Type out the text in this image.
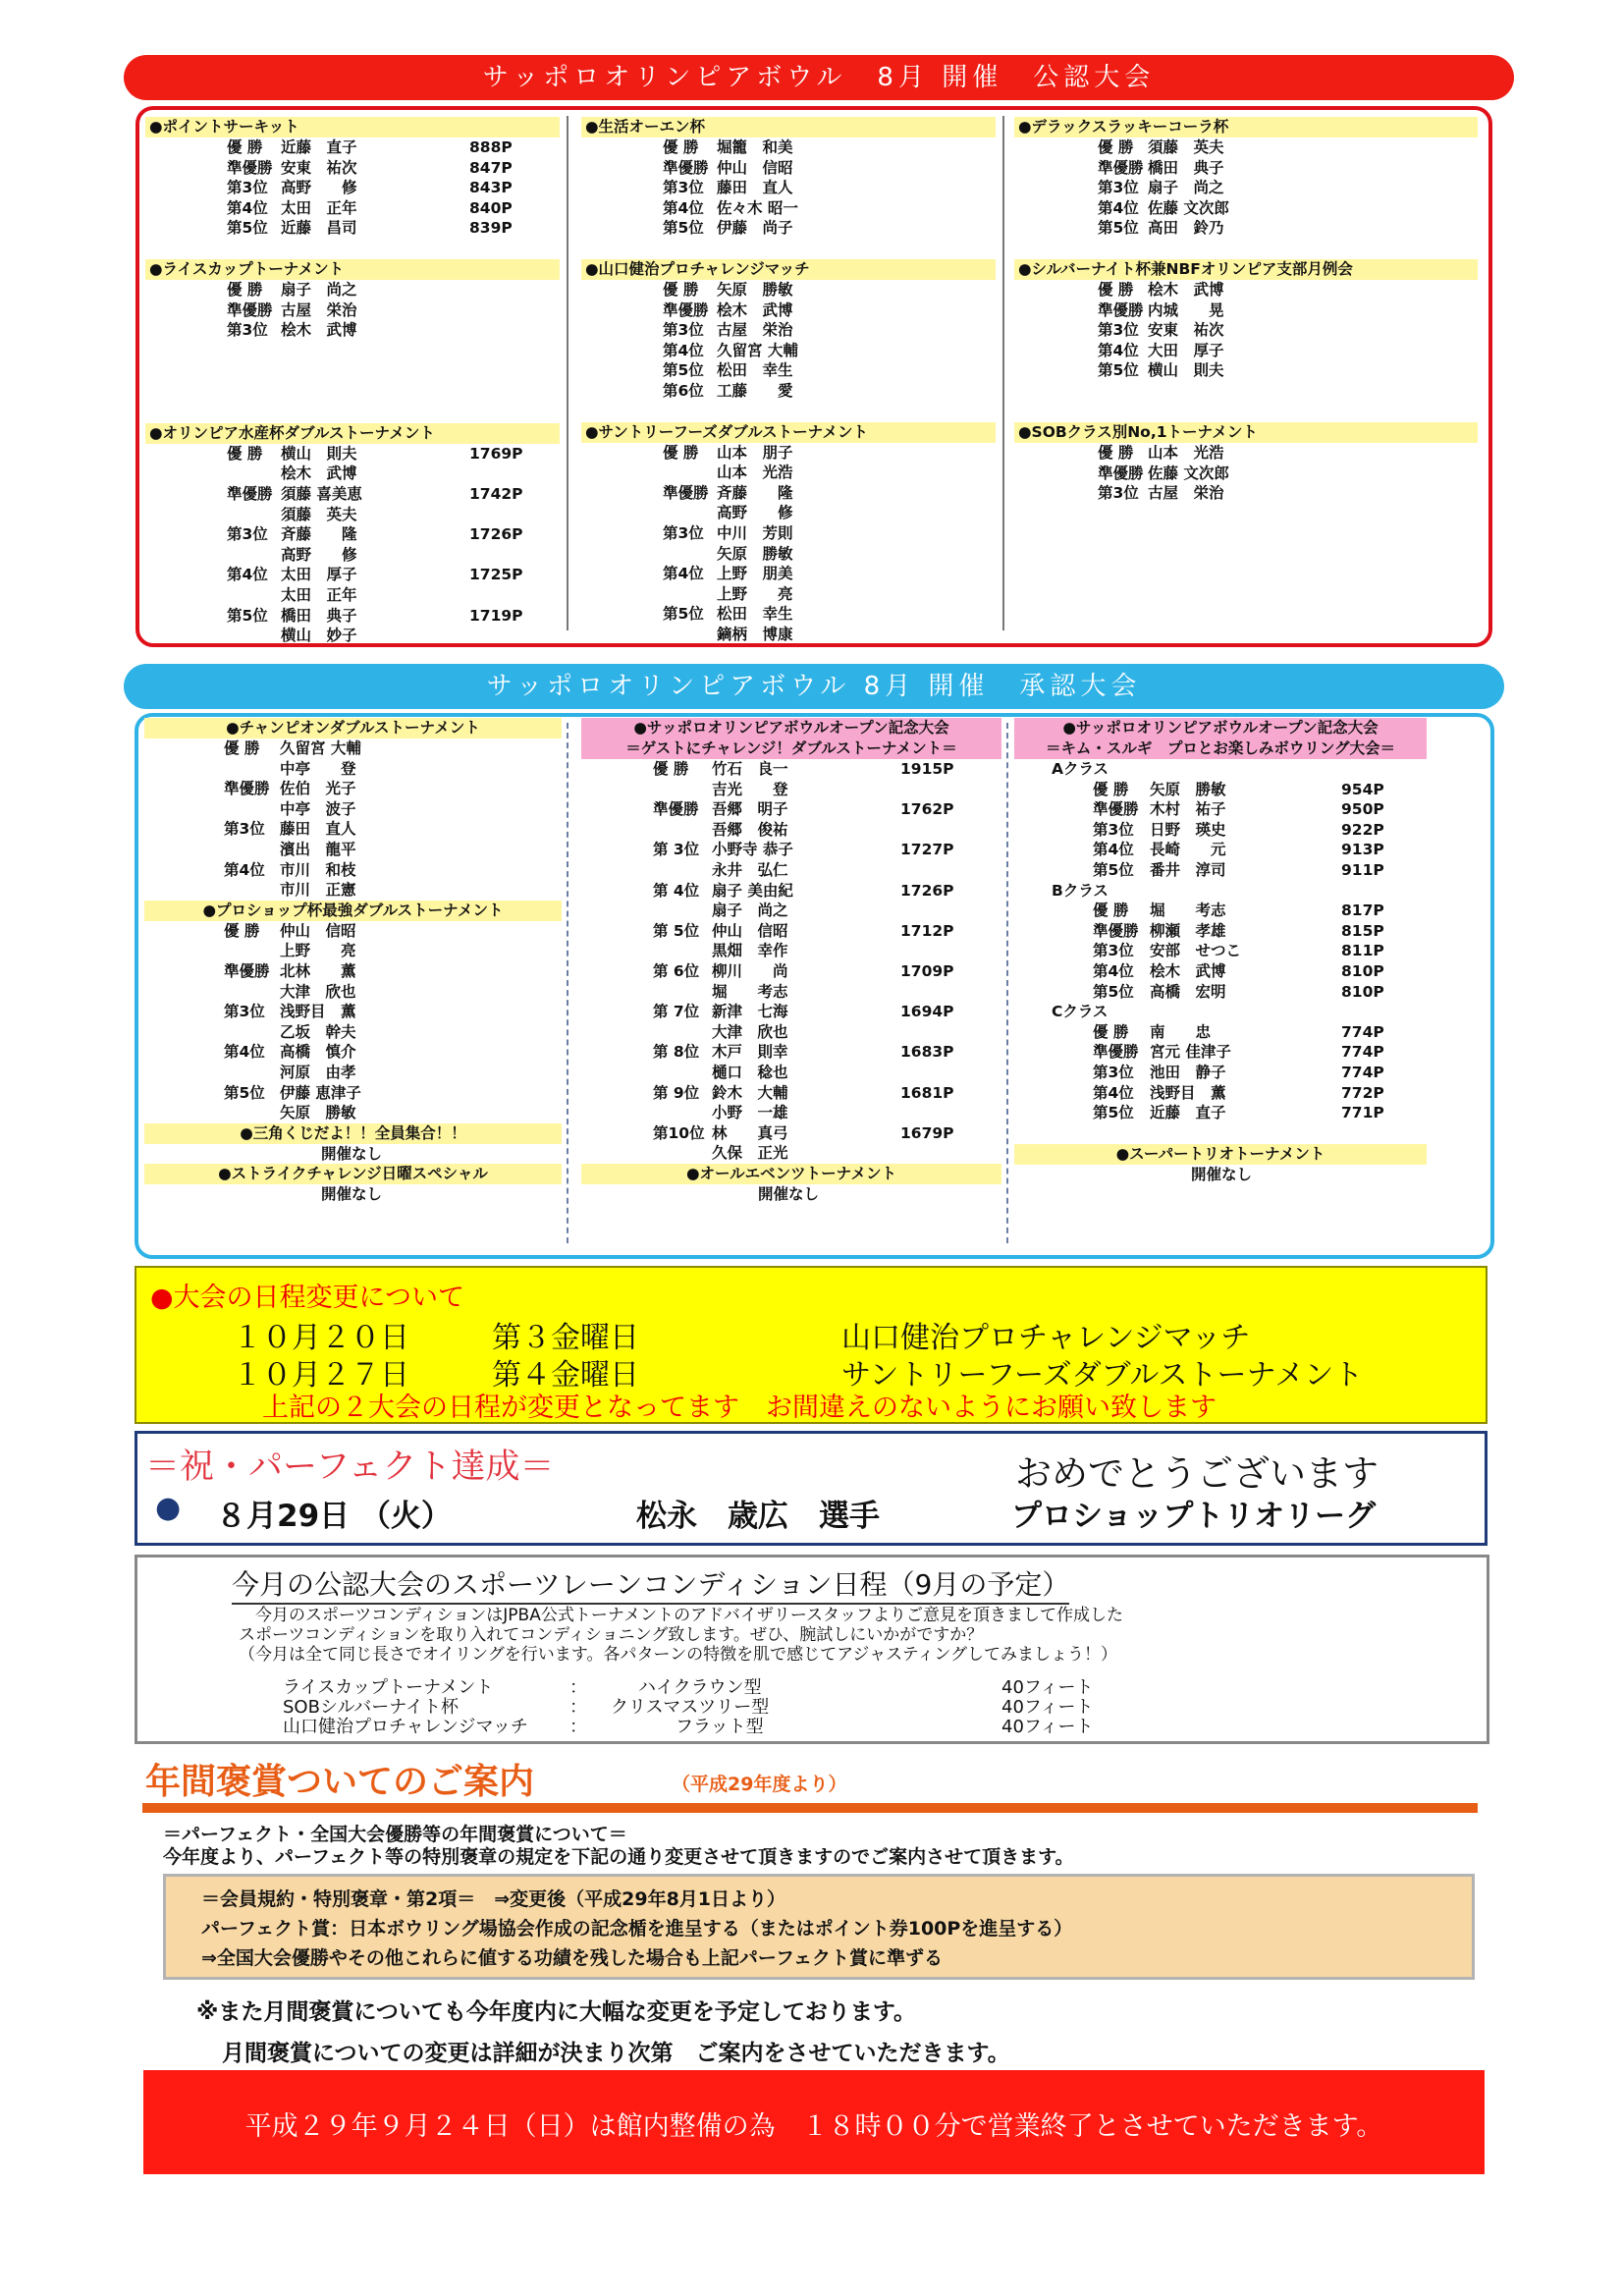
サッポロオリンピアボウル　8月 開催　公認大会
●ポイントサーキット
優 勝 近藤　直子	888P
準優勝 安東　祐次	847P
第3位 高野　　修	843P
第4位 太田　正年	840P
第5位 近藤　昌司	839P
●ライスカップトーナメント
優 勝 扇子　尚之
準優勝 古屋　栄治
第3位 桧木　武博
●オリンピア水産杯ダブルストーナメント
優 勝 横山　則夫	1769P
桧木　武博
準優勝 須藤 喜美恵	1742P
須藤　英夫
第3位 斉藤　　隆	1726P
高野　　修
第4位 太田　厚子	1725P
太田　正年
第5位 橋田　典子	1719P
横山　妙子
●生活オーエン杯
優 勝 堀籠　和美
準優勝 仲山　信昭
第3位 藤田　直人
第4位 佐々木 昭一
第5位 伊藤　尚子
●山口健治プロチャレンジマッチ
優 勝 矢原　勝敏
準優勝 桧木　武博
第3位 古屋　栄治
第4位 久留宮 大輔
第5位 松田　幸生
第6位 工藤　　愛
●サントリーフーズダブルストーナメント
優 勝 山本　朋子
山本　光浩
準優勝 斉藤　　隆
高野　　修
第3位 中川　芳則
矢原　勝敏
第4位 上野　朋美
上野　　亮
第5位 松田　幸生
鏑柄　博康
●デラックスラッキーコーラ杯
優 勝 須藤　英夫
準優勝 橋田　典子
第3位 扇子　尚之
第4位 佐藤 文次郎
第5位 高田　鈴乃
●シルバーナイト杯兼NBFオリンピア支部月例会
優 勝 桧木　武博
準優勝 内城　　晃
第3位 安東　祐次
第4位 大田　厚子
第5位 横山　則夫
●SOBクラス別No,1トーナメント
優 勝 山本　光浩
準優勝 佐藤 文次郎
第3位 古屋　栄治
サッポロオリンピアボウル 8月 開催　承認大会
●チャンピオンダブルストーナメント
優 勝 久留宮 大輔
中亭　　登
準優勝 佐伯　光子
中亭　波子
第3位 藤田　直人
濱出　龍平
第4位 市川　和枝
市川　正憲
●プロショップ杯最強ダブルストーナメント
優 勝 仲山　信昭
上野　　亮
準優勝 北林　　薫
大津　欣也
第3位 浅野目　薫
乙坂　幹夫
第4位 高橋　慎介
河原　由孝
第5位 伊藤 恵津子
矢原　勝敏
●三角くじだよ！！全員集合！！
開催なし
●ストライクチャレンジ日曜スペシャル
開催なし
●サッポロオリンピアボウルオープン記念大会
＝ゲストにチャレンジ！ダブルストーナメント＝
優 勝 竹石　良一	1915P
吉光　　登
準優勝 吾郷　明子	1762P
吾郷　俊祐
第 3位 小野寺 恭子	1727P
永井　弘仁
第 4位 扇子 美由紀	1726P
扇子　尚之
第 5位 仲山　信昭	1712P
黒畑　幸作
第 6位 柳川　　尚	1709P
堀　　考志
第 7位 新津　七海	1694P
大津　欣也
第 8位 木戸　則幸	1683P
樋口　稔也
第 9位 鈴木　大輔	1681P
小野　一雄
第10位 林　　真弓	1679P
久保　正光
●オールエベンツトーナメント
開催なし
●サッポロオリンピアボウルオープン記念大会
＝キム・スルギ　プロとお楽しみボウリング大会＝
Aクラス
優 勝 矢原　勝敏	954P
準優勝 木村　祐子	950P
第3位 日野　瑛史	922P
第4位 長崎　　元	913P
第5位 番井　淳司	911P
Bクラス
優 勝 堀　　考志	817P
準優勝 柳瀬　孝雄	815P
第3位 安部　せつこ	811P
第4位 桧木　武博	810P
第5位 高橋　宏明	810P
Cクラス
優 勝 南　　忠	774P
準優勝 宮元 佳津子	774P
第3位 池田　静子	774P
第4位 浅野目　薫	772P
第5位 近藤　直子	771P
●スーパートリオトーナメント
開催なし
●大会の日程変更について
１０月２０日	第３金曜日	山口健治プロチャレンジマッチ
１０月２７日	第４金曜日	サントリーフーズダブルストーナメント
上記の２大会の日程が変更となってます　お間違えのないようにお願い致します
＝祝・パーフェクト達成＝	おめでとうございます
● ８月29日 （火）	松永　歳広　選手	プロショップトリオリーグ
今月の公認大会のスポーツレーンコンディション日程（9月の予定）
今月のスポーツコンディションはJPBA公式トーナメントのアドバイザリースタッフよりご意見を頂きまして作成した
スポーツコンディションを取り入れてコンディショニング致します。ぜひ、腕試しにいかがですか？
（今月は全て同じ長さでオイリングを行います。各パターンの特徴を肌で感じてアジャスティングしてみましょう！）
ライスカップトーナメント	：	ハイクラウン型	40フィート
SOBシルバーナイト杯	： クリスマスツリー型	40フィート
山口健治プロチャレンジマッチ ：	フラット型	40フィート
年間褒賞ついてのご案内	（平成29年度より）
＝パーフェクト・全国大会優勝等の年間褒賞について＝
今年度より、パーフェクト等の特別褒章の規定を下記の通り変更させて頂きますのでご案内させて頂きます。
＝会員規約・特別褒章・第2項＝　⇒変更後（平成29年8月1日より）
パーフェクト賞：日本ボウリング場協会作成の記念楯を進呈する（またはポイント券100Pを進呈する）
⇒全国大会優勝やその他これらに値する功績を残した場合も上記パーフェクト賞に準ずる
※また月間褒賞についても今年度内に大幅な変更を予定しております。
月間褒賞についての変更は詳細が決まり次第　ご案内をさせていただきます。
平成２９年９月２４日（日）は館内整備の為　１８時００分で営業終了とさせていただきます。
